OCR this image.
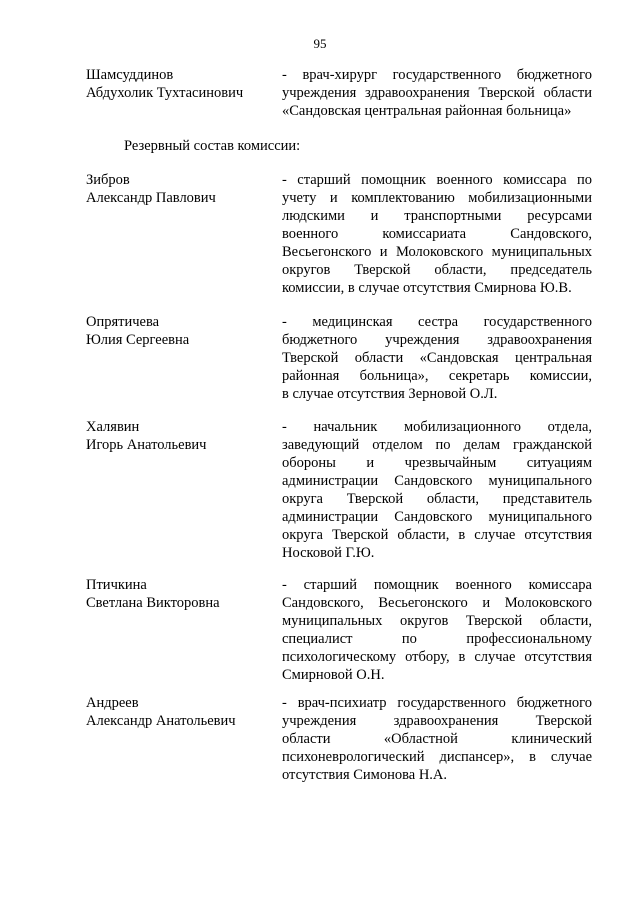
95
Шамсуддинов
Абдухолик Тухтасинович
- врач-хирург государственного бюджетного
учреждения здравоохранения Тверской области
«Сандовская центральная районная больница»
Резервный состав комиссии:
Зибров
Александр Павлович
- старший помощник военного комиссара по
учету и комплектованию мобилизационными
людскими и транспортными ресурсами
военного комиссариата Сандовского,
Весьегонского и Молоковского муниципальных
округов Тверской области, председатель
комиссии, в случае отсутствия Смирнова Ю.В.
Опрятичева
Юлия Сергеевна
- медицинская сестра государственного
бюджетного учреждения здравоохранения
Тверской области «Сандовская центральная
районная больница», секретарь комиссии,
в случае отсутствия Зерновой О.Л.
Халявин
Игорь Анатольевич
- начальник мобилизационного отдела,
заведующий отделом по делам гражданской
обороны и чрезвычайным ситуациям
администрации Сандовского муниципального
округа Тверской области, представитель
администрации Сандовского муниципального
округа Тверской области, в случае отсутствия
Носковой Г.Ю.
Птичкина
Светлана Викторовна
- старший помощник военного комиссара
Сандовского, Весьегонского и Молоковского
муниципальных округов Тверской области,
специалист по профессиональному
психологическому отбору, в случае отсутствия
Смирновой О.Н.
Андреев
Александр Анатольевич
- врач-психиатр государственного бюджетного
учреждения здравоохранения Тверской
области «Областной клинический
психоневрологический диспансер», в случае
отсутствия Симонова Н.А.
